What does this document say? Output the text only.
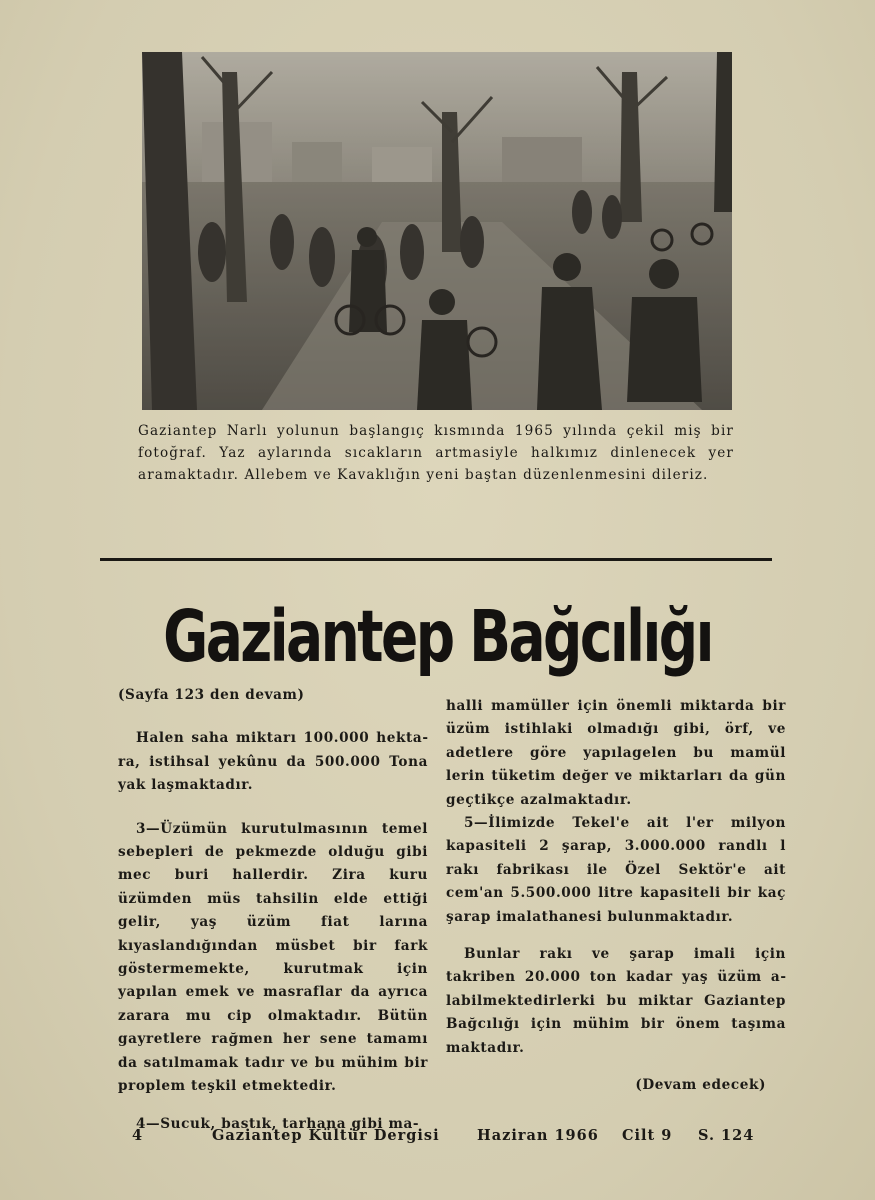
Gaziantep Narlı yolunun başlangıç kısmında 1965 yılında çekil miş bir fotoğraf. Yaz aylarında sıcakların artmasiyle halkımız dinlenecek yer aramaktadır. Allebem ve Kavaklığın yeni baştan düzenlenmesini dileriz.
Gaziantep Bağcılığı

(Sayfa 123 den devam)

Halen saha miktarı 100.000 hektara, istihsal yekûnu da 500.000 Tona yak laşmaktadır.

3—Üzümün kurutulmasının temel sebepleri de pekmezde olduğu gibi mec buri hallerdir. Zira kuru üzümden müs tahsilin elde ettiği gelir, yaş üzüm fiat larına kıyaslandığından müsbet bir fark göstermemekte, kurutmak için yapılan emek ve masraflar da ayrıca zarara mu cip olmaktadır. Bütün gayretlere rağmen her sene tamamı da satılmamak tadır ve bu mühim bir proplem teşkil etmektedir.

4—Sucuk, bastık, tarhana gibi ma-

halli mamüller için önemli miktarda bir üzüm istihlaki olmadığı gibi, örf, ve adetlere göre yapılagelen bu mamül lerin tüketim değer ve miktarları da gün geçtikçe azalmaktadır.

5—İlimizde Tekel'e ait l'er milyon kapasiteli 2 şarap, 3.000.000 randlı l rakı fabrikası ile Özel Sektör'e ait cem'an 5.500.000 litre kapasiteli bir kaç şarap imalathanesi bulunmaktadır.

Bunlar rakı ve şarap imali için takriben 20.000 ton kadar yaş üzüm alabilmektedirlerki bu miktar Gaziantep Bağcılığı için mühim bir önem taşıma maktadır.

(Devam edecek)

4	Gaziantep Kültür Dergisi	Haziran 1966 Cilt 9 S. 124
